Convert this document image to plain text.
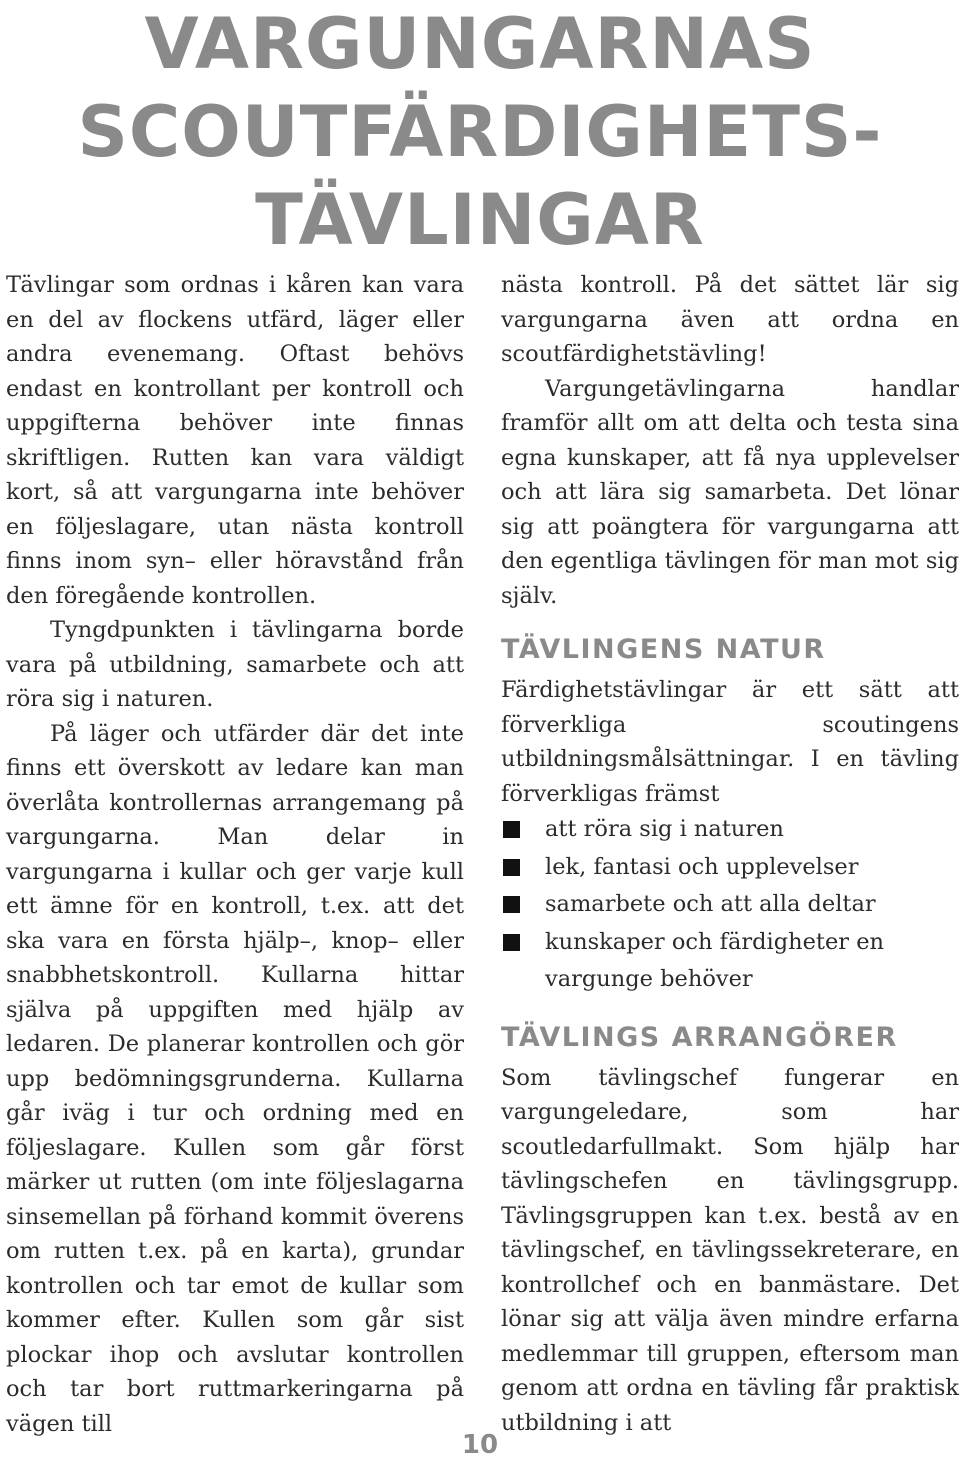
VARGUNGARNAS
SCOUTFÄRDIGHETS-
TÄVLINGAR

Tävlingar som ordnas i kåren kan vara en del av flockens utfärd, läger eller andra evenemang. Oftast behövs endast en kontrollant per kontroll och uppgifterna behöver inte finnas skriftligen. Rutten kan vara väldigt kort, så att vargungarna inte behöver en följeslagare, utan nästa kontroll finns inom syn– eller höravstånd från den föregående kontrollen.

Tyngdpunkten i tävlingarna borde vara på utbildning, samarbete och att röra sig i naturen.

På läger och utfärder där det inte finns ett överskott av ledare kan man överlåta kontrollernas arrangemang på vargungarna. Man delar in vargungarna i kullar och ger varje kull ett ämne för en kontroll, t.ex. att det ska vara en första hjälp–, knop– eller snabbhetskontroll. Kullarna hittar själva på uppgiften med hjälp av ledaren. De planerar kontrollen och gör upp bedömningsgrunderna. Kullarna går iväg i tur och ordning med en följeslagare. Kullen som går först märker ut rutten (om inte följeslagarna sinsemellan på förhand kommit överens om rutten t.ex. på en karta), grundar kontrollen och tar emot de kullar som kommer efter. Kullen som går sist plockar ihop och avslutar kontrollen och tar bort ruttmarkeringarna på vägen till

nästa kontroll. På det sättet lär sig vargungarna även att ordna en scoutfärdighetstävling!

Vargungetävlingarna handlar framför allt om att delta och testa sina egna kunskaper, att få nya upplevelser och att lära sig samarbeta. Det lönar sig att poängtera för vargungarna att den egentliga tävlingen för man mot sig själv.

TÄVLINGENS NATUR

Färdighetstävlingar är ett sätt att förverkliga scoutingens utbildningsmålsättningar. I en tävling förverkligas främst

att röra sig i naturen
lek, fantasi och upplevelser
samarbete och att alla deltar
kunskaper och färdigheter en vargunge behöver
TÄVLINGS ARRANGÖRER

Som tävlingschef fungerar en vargungeledare, som har scoutledarfullmakt. Som hjälp har tävlingschefen en tävlingsgrupp. Tävlingsgruppen kan t.ex. bestå av en tävlingschef, en tävlingssekreterare, en kontrollchef och en banmästare. Det lönar sig att välja även mindre erfarna medlemmar till gruppen, eftersom man genom att ordna en tävling får praktisk utbildning i att

10
